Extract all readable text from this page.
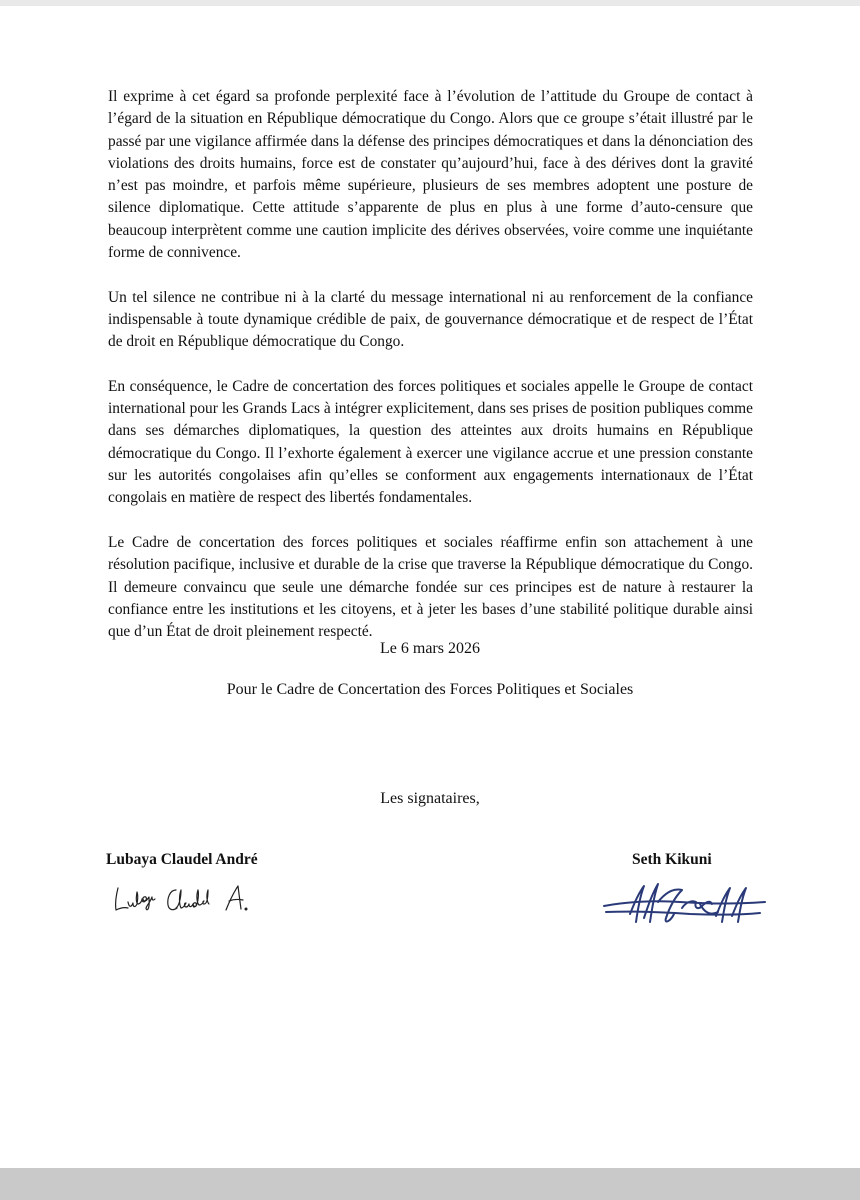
Il exprime à cet égard sa profonde perplexité face à l’évolution de l’attitude du Groupe de contact à l’égard de la situation en République démocratique du Congo. Alors que ce groupe s’était illustré par le passé par une vigilance affirmée dans la défense des principes démocratiques et dans la dénonciation des violations des droits humains, force est de constater qu’aujourd’hui, face à des dérives dont la gravité n’est pas moindre, et parfois même supérieure, plusieurs de ses membres adoptent une posture de silence diplomatique. Cette attitude s’apparente de plus en plus à une forme d’auto-censure que beaucoup interprètent comme une caution implicite des dérives observées, voire comme une inquiétante forme de connivence.

Un tel silence ne contribue ni à la clarté du message international ni au renforcement de la confiance indispensable à toute dynamique crédible de paix, de gouvernance démocratique et de respect de l’État de droit en République démocratique du Congo.

En conséquence, le Cadre de concertation des forces politiques et sociales appelle le Groupe de contact international pour les Grands Lacs à intégrer explicitement, dans ses prises de position publiques comme dans ses démarches diplomatiques, la question des atteintes aux droits humains en République démocratique du Congo. Il l’exhorte également à exercer une vigilance accrue et une pression constante sur les autorités congolaises afin qu’elles se conforment aux engagements internationaux de l’État congolais en matière de respect des libertés fondamentales.

Le Cadre de concertation des forces politiques et sociales réaffirme enfin son attachement à une résolution pacifique, inclusive et durable de la crise que traverse la République démocratique du Congo. Il demeure convaincu que seule une démarche fondée sur ces principes est de nature à restaurer la confiance entre les institutions et les citoyens, et à jeter les bases d’une stabilité politique durable ainsi que d’un État de droit pleinement respecté.

Le 6 mars 2026
Pour le Cadre de Concertation des Forces Politiques et Sociales
Les signataires,
Lubaya Claudel André	Seth Kikuni
